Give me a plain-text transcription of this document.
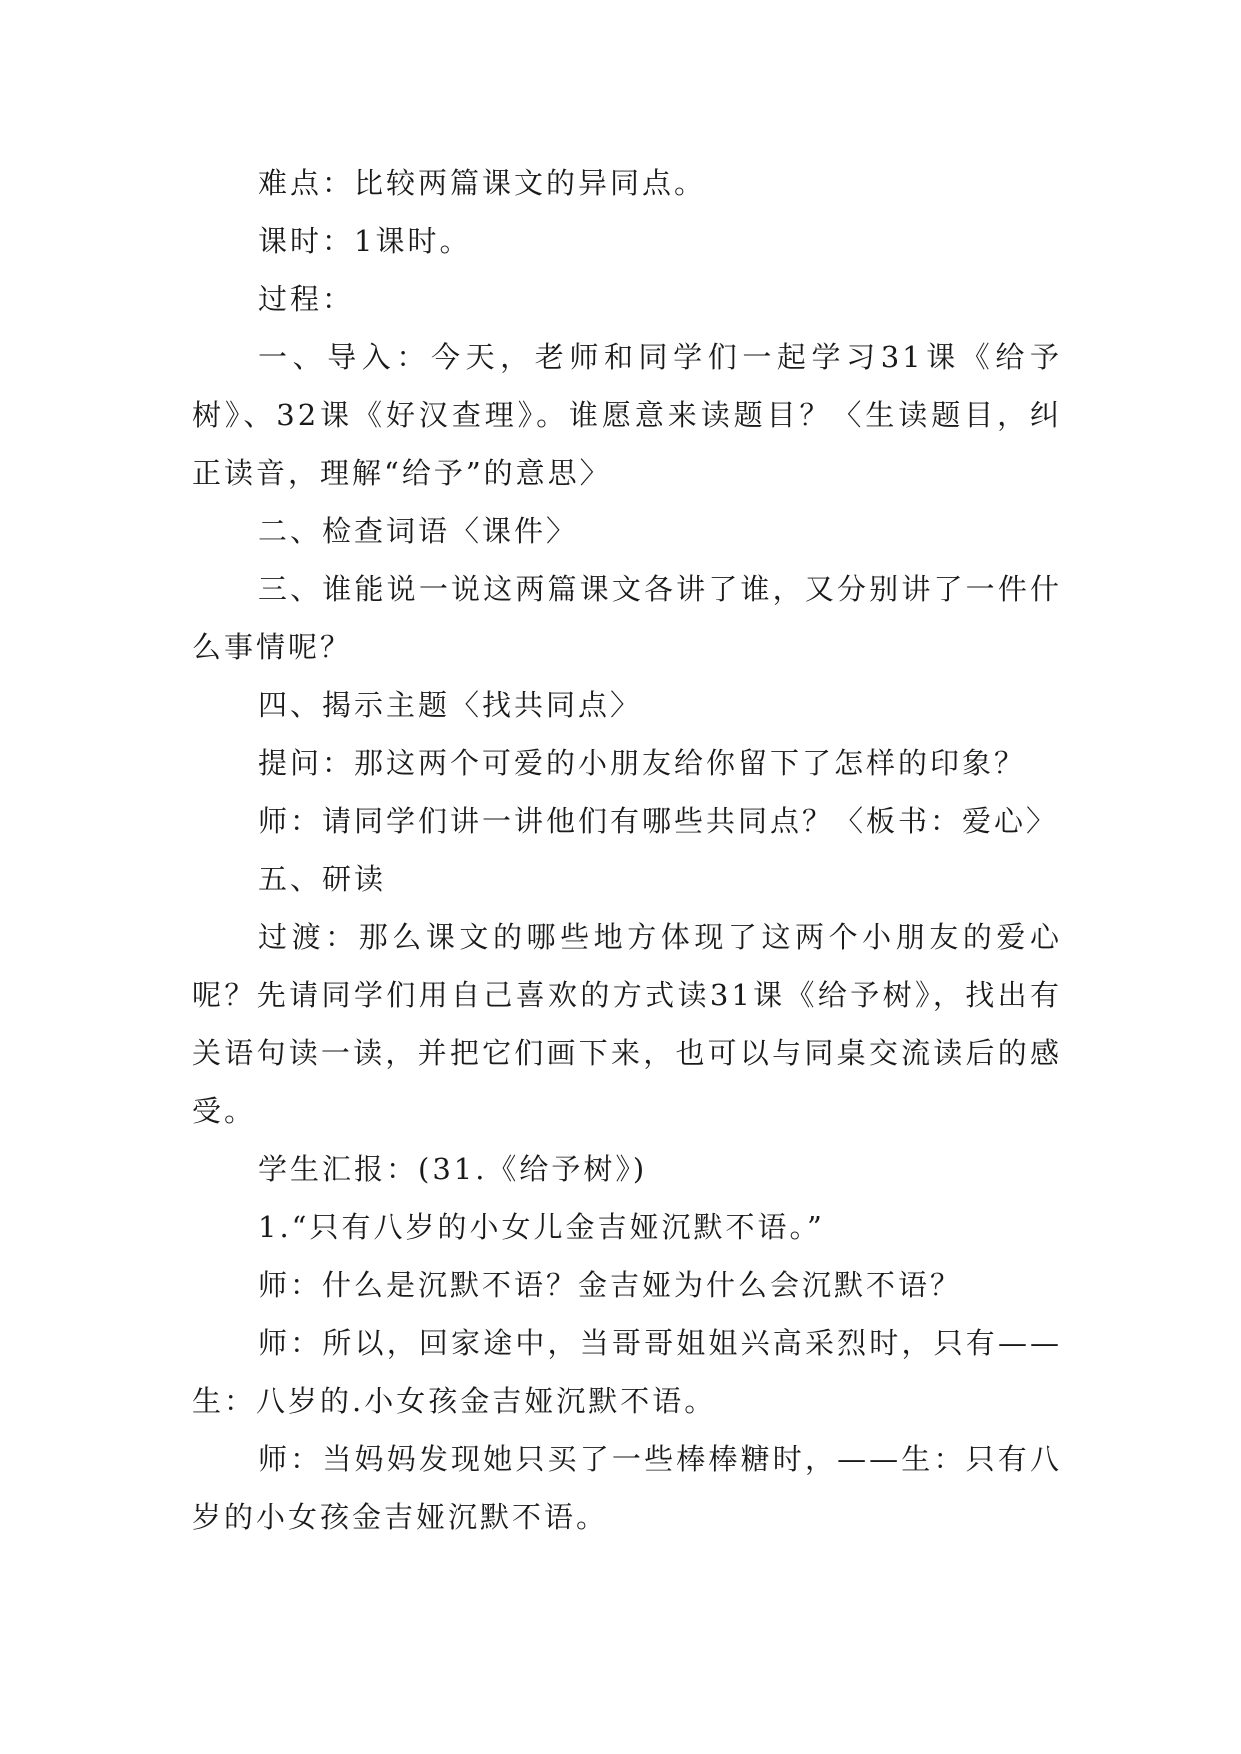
难点：比较两篇课文的异同点。

课时：1课时。

过程：

一、导入：今天，老师和同学们一起学习31课《给予树》、32课《好汉查理》。谁愿意来读题目？〈生读题目，纠正读音，理解“给予”的意思〉

二、检查词语〈课件〉

三、谁能说一说这两篇课文各讲了谁，又分别讲了一件什么事情呢？

四、揭示主题〈找共同点〉

提问：那这两个可爱的小朋友给你留下了怎样的印象？

师：请同学们讲一讲他们有哪些共同点？〈板书：爱心〉

五、研读

过渡：那么课文的哪些地方体现了这两个小朋友的爱心呢？先请同学们用自己喜欢的方式读31课《给予树》，找出有关语句读一读，并把它们画下来，也可以与同桌交流读后的感受。

学生汇报：(31.《给予树》)

1.“只有八岁的小女儿金吉娅沉默不语。”

师：什么是沉默不语？金吉娅为什么会沉默不语？

师：所以，回家途中，当哥哥姐姐兴高采烈时，只有——生：八岁的.小女孩金吉娅沉默不语。

师：当妈妈发现她只买了一些棒棒糖时，——生：只有八岁的小女孩金吉娅沉默不语。
